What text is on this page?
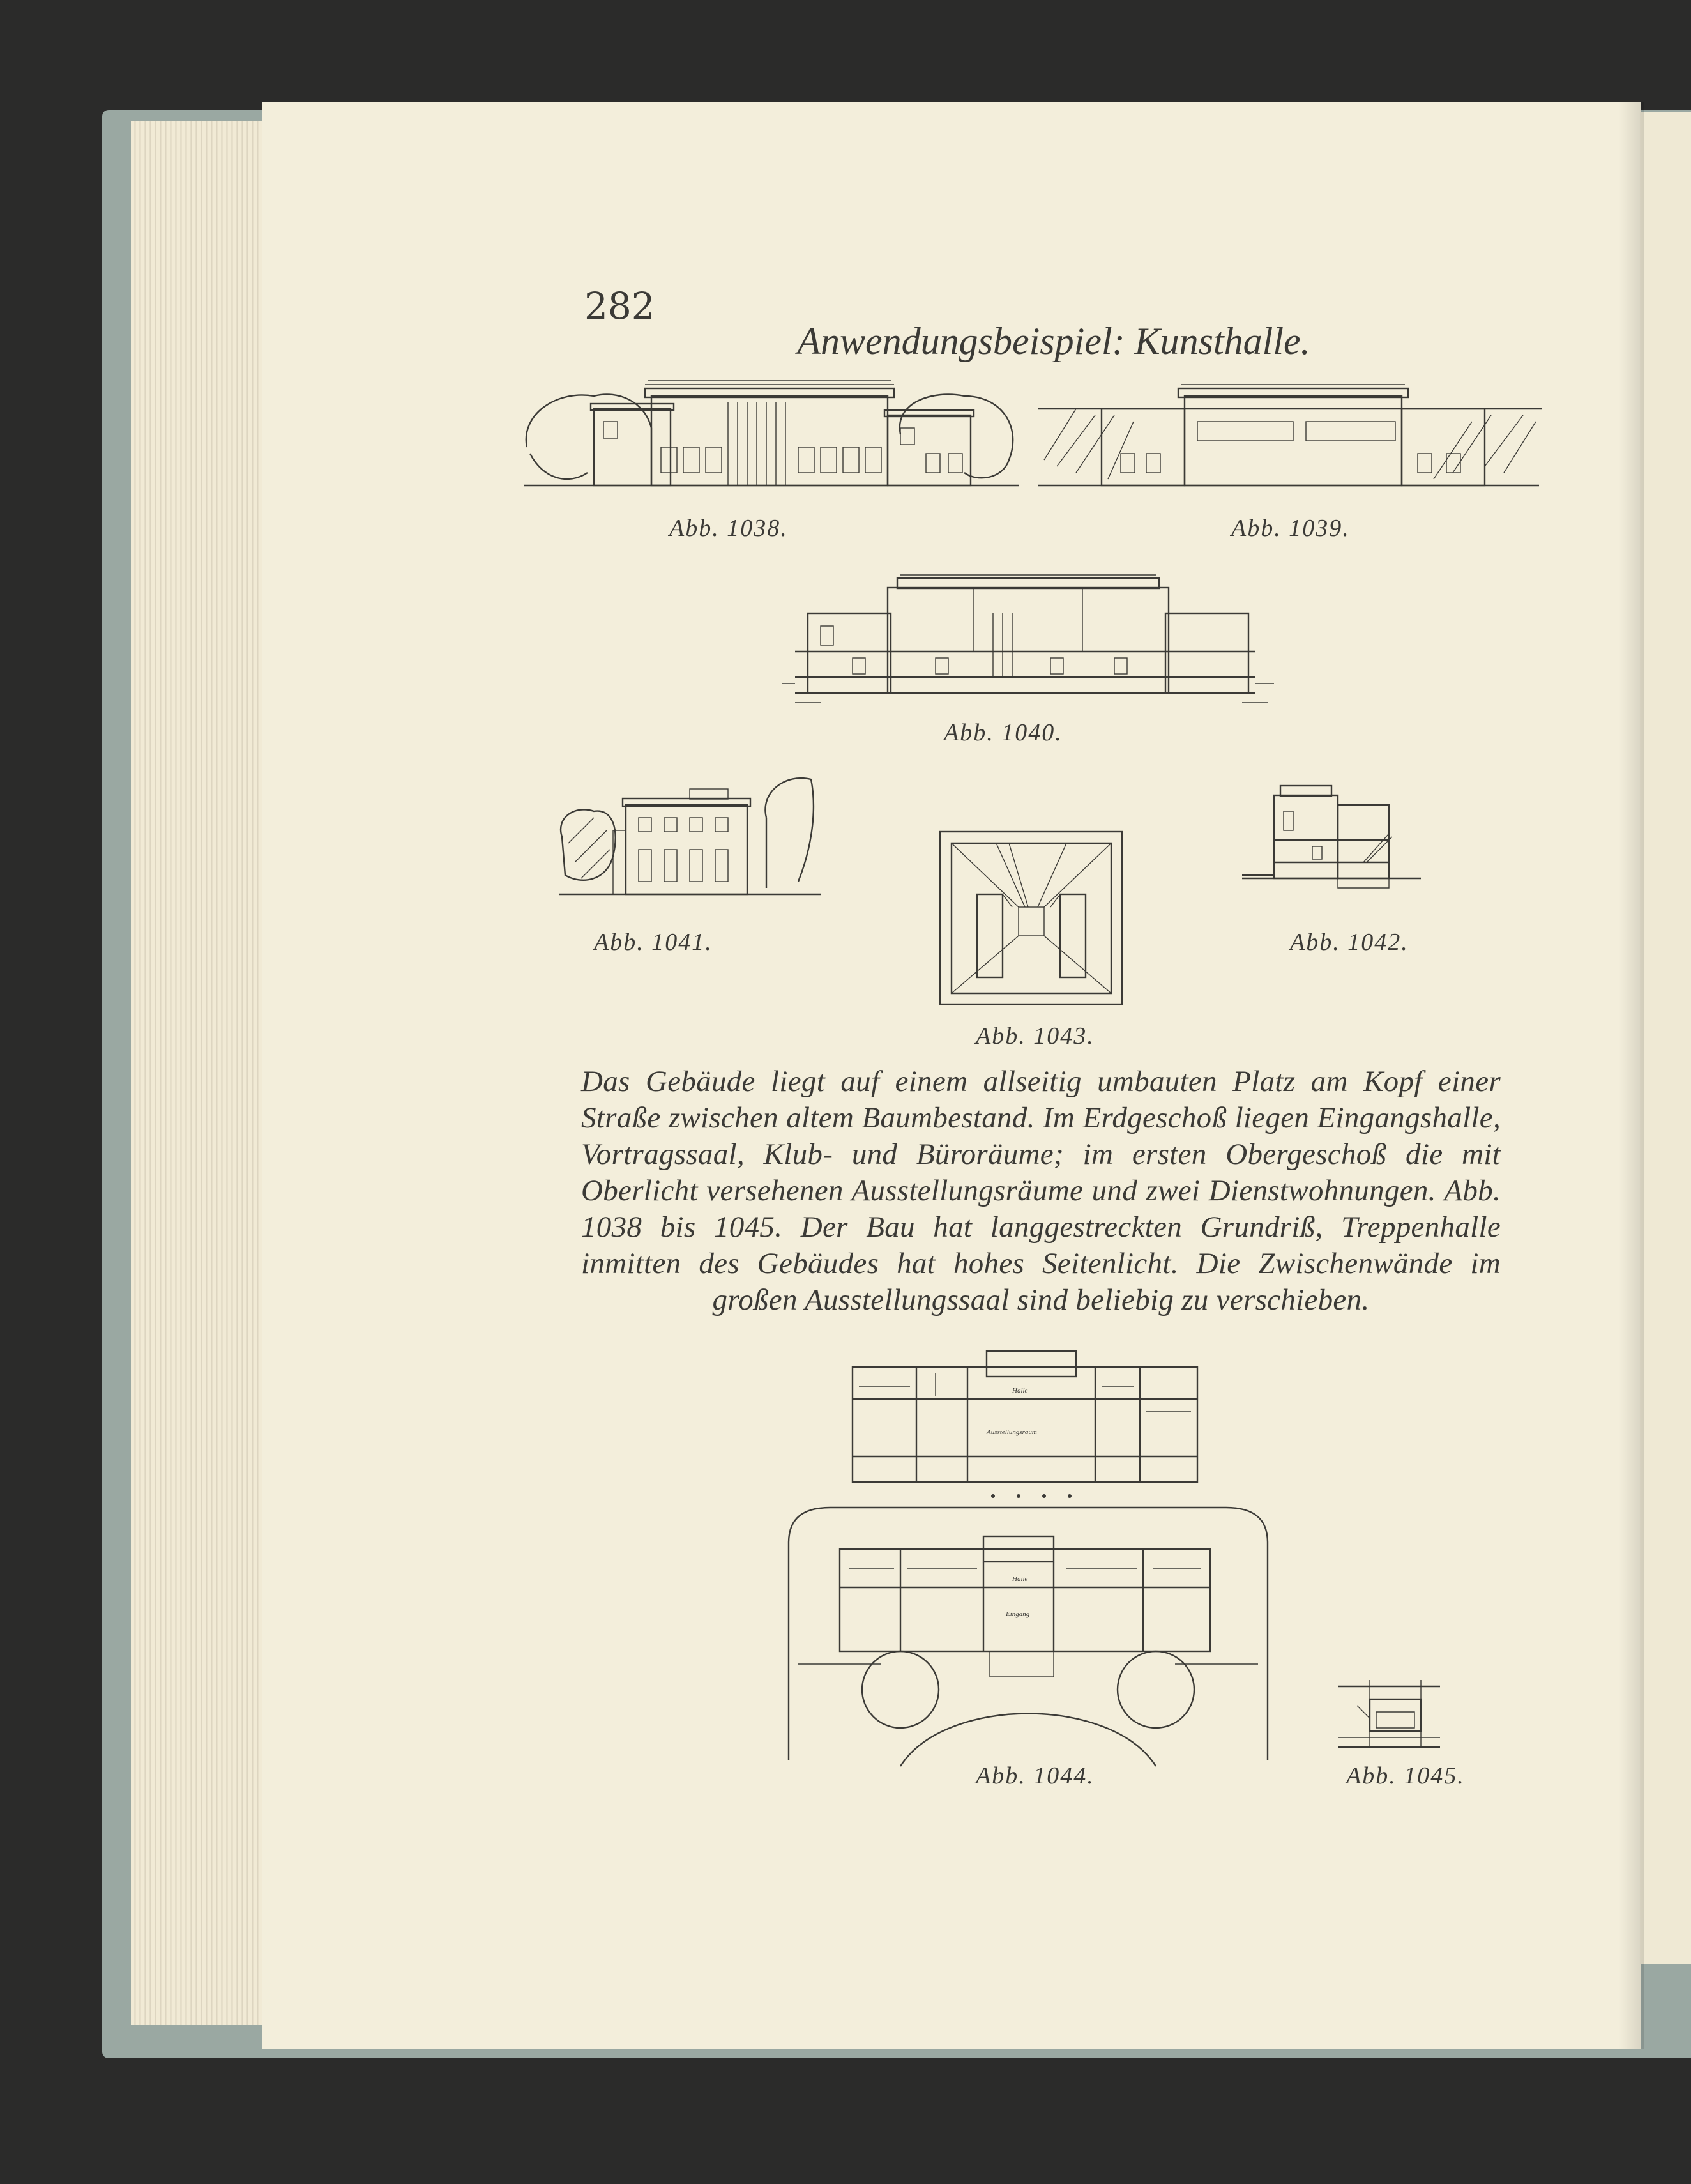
282
Anwendungsbeispiel: Kunsthalle.
Abb. 1038.	Abb. 1039.
Abb. 1040.
Abb. 1041.
Abb. 1043.
Abb. 1042.
Das Gebäude liegt auf einem allseitig umbauten Platz am Kopf einer Straße zwischen altem Baumbestand. Im Erdgeschoß liegen Eingangshalle, Vortragssaal, Klub- und Büroräume; im ersten Obergeschoß die mit Oberlicht versehenen Ausstellungsräume und zwei Dienstwohnungen. Abb. 1038 bis 1045. Der Bau hat langgestreckten Grundriß, Treppenhalle inmitten des Gebäudes hat hohes Seitenlicht. Die Zwischenwände im großen Ausstellungssaal sind beliebig zu verschieben.
Halle
Ausstellungsraum
Halle
Eingang
Abb. 1044.	Abb. 1045.
